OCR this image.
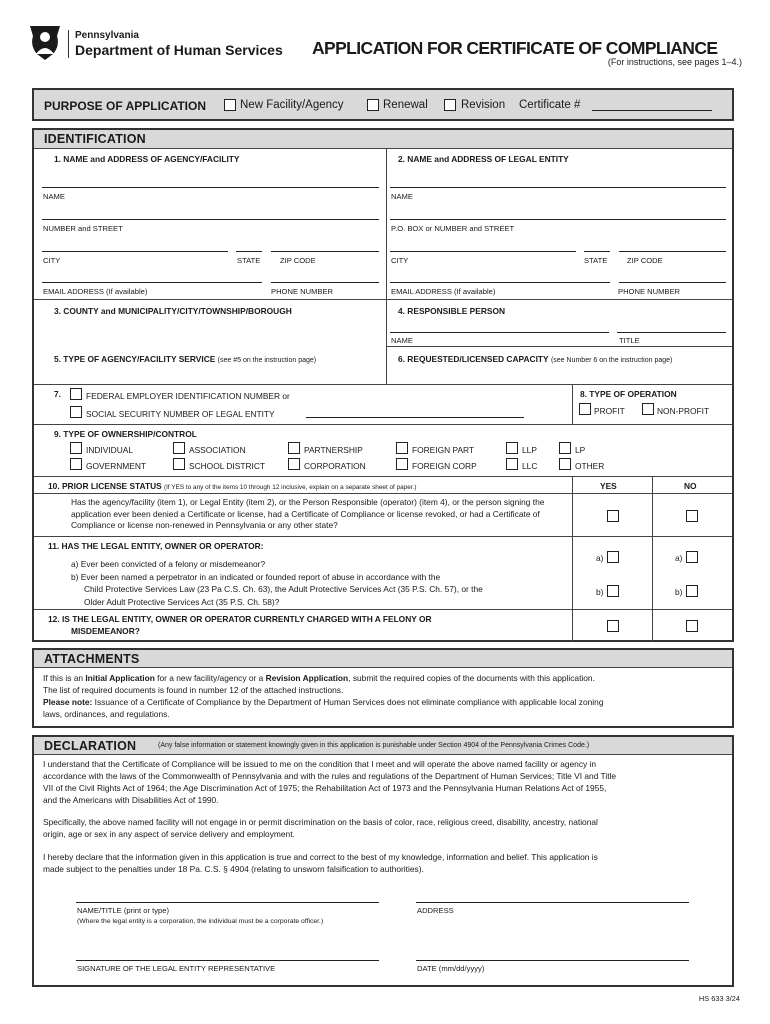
Pennsylvania
Department of Human Services APPLICATION FOR CERTIFICATE OF COMPLIANCE
(For instructions, see pages 1–4.)
PURPOSE OF APPLICATION	New Facility/Agency	Renewal	Revision Certificate #
IDENTIFICATION
1. NAME and ADDRESS OF AGENCY/FACILITY	2. NAME and ADDRESS OF LEGAL ENTITY
NAME
NUMBER and STREET
CITY	STATE	ZIP CODE
EMAIL ADDRESS (If available)	PHONE NUMBER
NAME
P.O. BOX or NUMBER and STREET
CITY	STATE	ZIP CODE
EMAIL ADDRESS (If available)	PHONE NUMBER
3. COUNTY and MUNICIPALITY/CITY/TOWNSHIP/BOROUGH	4. RESPONSIBLE PERSON
NAME	TITLE
5. TYPE OF AGENCY/FACILITY SERVICE (see #5 on the instruction page)	6. REQUESTED/LICENSED CAPACITY (see Number 6 on the instruction page)
7.	FEDERAL EMPLOYER IDENTIFICATION NUMBER or
SOCIAL SECURITY NUMBER OF LEGAL ENTITY
8. TYPE OF OPERATION
PROFIT	NON-PROFIT
9. TYPE OF OWNERSHIP/CONTROL
INDIVIDUAL	ASSOCIATION	PARTNERSHIP	FOREIGN PART	LLP	LP
GOVERNMENT	SCHOOL DISTRICT	CORPORATION	FOREIGN CORP	LLC	OTHER
10. PRIOR LICENSE STATUS (If YES to any of the items 10 through 12 inclusive, explain on a separate sheet of paper.)	YES	NO
Has the agency/facility (item 1), or Legal Entity (item 2), or the Person Responsible (operator) (item 4), or the person signing the application ever been denied a Certificate or license, had a Certificate of Compliance or license revoked, or had a Certificate of Compliance or license non-renewed in Pennsylvania or any other state?
11. HAS THE LEGAL ENTITY, OWNER OR OPERATOR:
a) Ever been convicted of a felony or misdemeanor?
b) Ever been named a perpetrator in an indicated or founded report of abuse in accordance with the
Child Protective Services Law (23 Pa C.S. Ch. 63), the Adult Protective Services Act (35 P.S. Ch. 57), or the
Older Adult Protective Services Act (35 P.S. Ch. 58)?
a)	a)
b)	b)
12. IS THE LEGAL ENTITY, OWNER OR OPERATOR CURRENTLY CHARGED WITH A FELONY OR
MISDEMEANOR?
ATTACHMENTS
If this is an Initial Application for a new facility/agency or a Revision Application, submit the required copies of the documents with this application.
The list of required documents is found in number 12 of the attached instructions.
Please note: Issuance of a Certificate of Compliance by the Department of Human Services does not eliminate compliance with applicable local zoning
laws, ordinances, and regulations.
DECLARATION	(Any false information or statement knowingly given in this application is punishable under Section 4904 of the Pennsylvania Crimes Code.)
I understand that the Certificate of Compliance will be issued to me on the condition that I meet and will operate the above named facility or agency in
accordance with the laws of the Commonwealth of Pennsylvania and with the rules and regulations of the Department of Human Services; Title VI and Title
VII of the Civil Rights Act of 1964; the Age Discrimination Act of 1975; the Rehabilitation Act of 1973 and the Pennsylvania Human Relations Act of 1955,
and the Americans with Disabilities Act of 1990.
Specifically, the above named facility will not engage in or permit discrimination on the basis of color, race, religious creed, disability, ancestry, national
origin, age or sex in any aspect of service delivery and employment.
I hereby declare that the information given in this application is true and correct to the best of my knowledge, information and belief. This application is
made subject to the penalties under 18 Pa. C.S. § 4904 (relating to unsworn falsification to authorities).
NAME/TITLE (print or type)
(Where the legal entity is a corporation, the individual must be a corporate officer.)
ADDRESS
SIGNATURE OF THE LEGAL ENTITY REPRESENTATIVE	DATE (mm/dd/yyyy)
HS 633 3/24
